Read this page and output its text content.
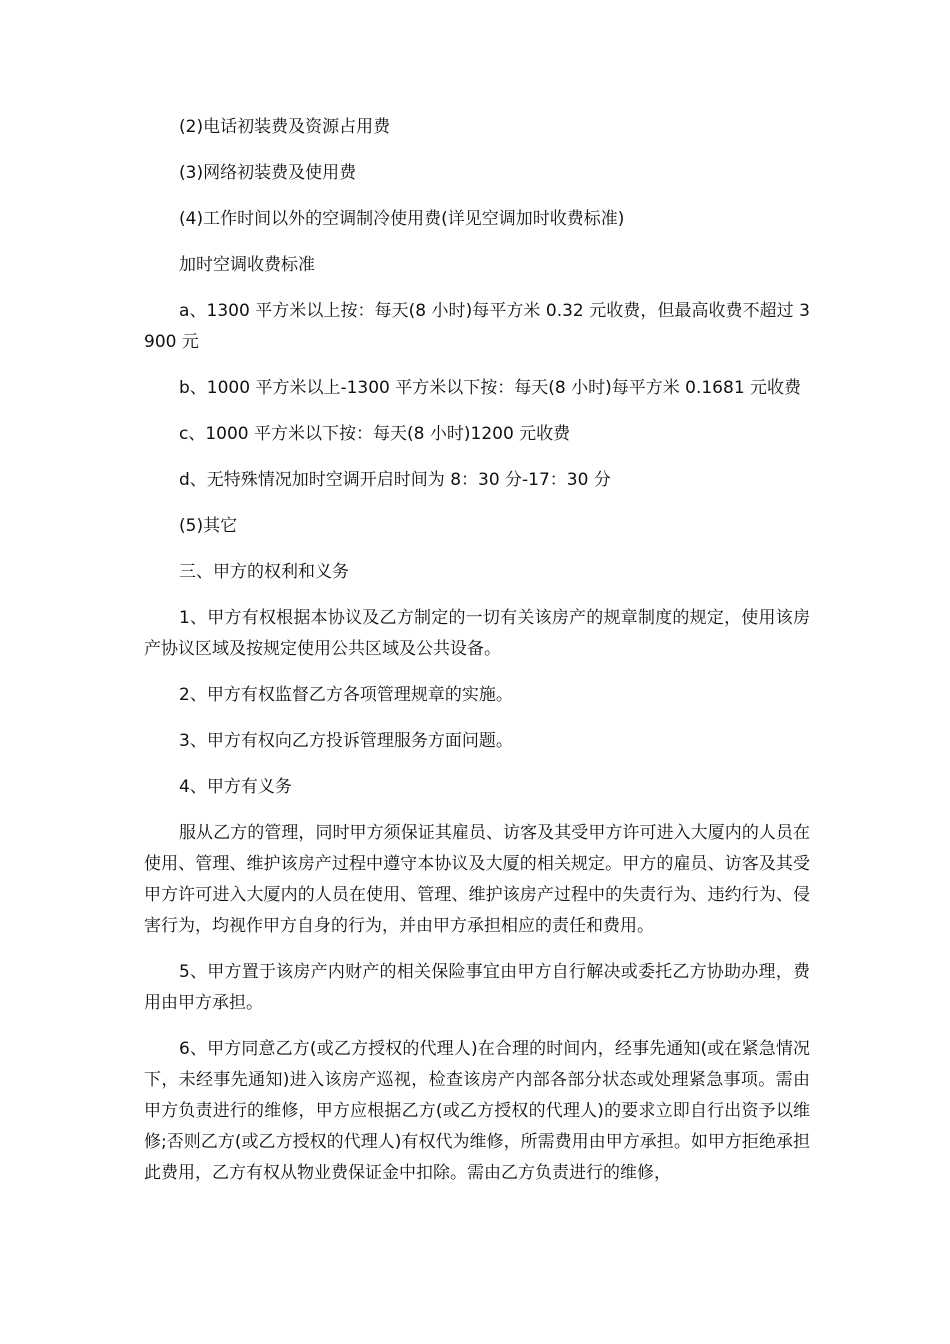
(2)电话初装费及资源占用费

(3)网络初装费及使用费

(4)工作时间以外的空调制冷使用费(详见空调加时收费标准)

加时空调收费标准

a、1300 平方米以上按：每天(8 小时)每平方米 0.32 元收费，但最高收费不超过 3900 元

b、1000 平方米以上-1300 平方米以下按：每天(8 小时)每平方米 0.1681 元收费

c、1000 平方米以下按：每天(8 小时)1200 元收费

d、无特殊情况加时空调开启时间为 8：30 分-17：30 分

(5)其它

三、甲方的权利和义务

1、甲方有权根据本协议及乙方制定的一切有关该房产的规章制度的规定，使用该房产协议区域及按规定使用公共区域及公共设备。

2、甲方有权监督乙方各项管理规章的实施。

3、甲方有权向乙方投诉管理服务方面问题。

4、甲方有义务

服从乙方的管理，同时甲方须保证其雇员、访客及其受甲方许可进入大厦内的人员在使用、管理、维护该房产过程中遵守本协议及大厦的相关规定。甲方的雇员、访客及其受甲方许可进入大厦内的人员在使用、管理、维护该房产过程中的失责行为、违约行为、侵害行为，均视作甲方自身的行为，并由甲方承担相应的责任和费用。

5、甲方置于该房产内财产的相关保险事宜由甲方自行解决或委托乙方协助办理，费用由甲方承担。

6、甲方同意乙方(或乙方授权的代理人)在合理的时间内，经事先通知(或在紧急情况下，未经事先通知)进入该房产巡视，检查该房产内部各部分状态或处理紧急事项。需由甲方负责进行的维修，甲方应根据乙方(或乙方授权的代理人)的要求立即自行出资予以维修;否则乙方(或乙方授权的代理人)有权代为维修，所需费用由甲方承担。如甲方拒绝承担此费用，乙方有权从物业费保证金中扣除。需由乙方负责进行的维修，
